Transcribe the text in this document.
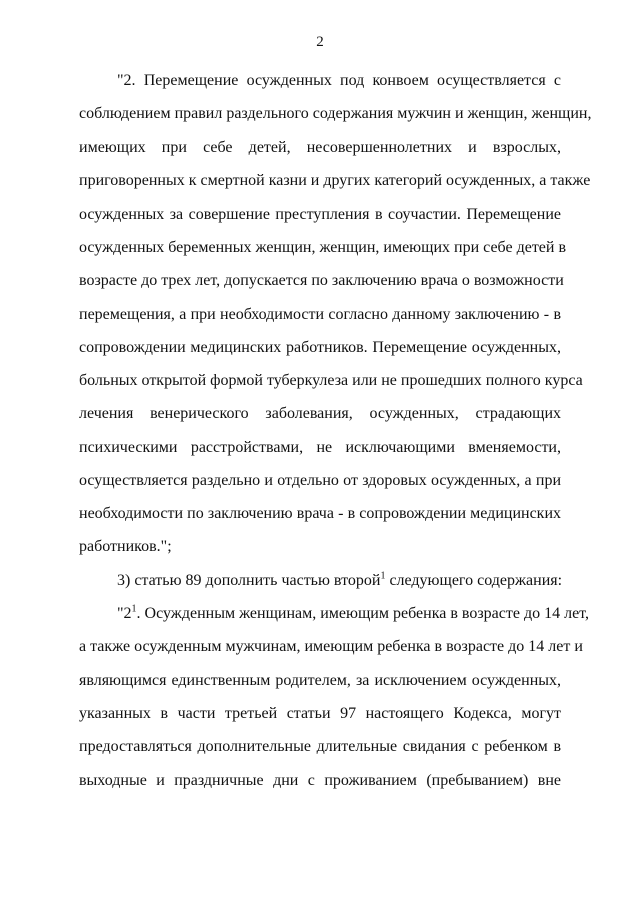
2
"2. Перемещение осужденных под конвоем осуществляется с
соблюдением правил раздельного содержания мужчин и женщин, женщин,
имеющих при себе детей, несовершеннолетних и взрослых,
приговоренных к смертной казни и других категорий осужденных, а также
осужденных за совершение преступления в соучастии. Перемещение
осужденных беременных женщин, женщин, имеющих при себе детей в
возрасте до трех лет, допускается по заключению врача о возможности
перемещения, а при необходимости согласно данному заключению - в
сопровождении медицинских работников. Перемещение осужденных,
больных открытой формой туберкулеза или не прошедших полного курса
лечения венерического заболевания, осужденных, страдающих
психическими расстройствами, не исключающими вменяемости,
осуществляется раздельно и отдельно от здоровых осужденных, а при
необходимости по заключению врача - в сопровождении медицинских
работников.";
3) статью 89 дополнить частью второй$^1$ следующего содержания:
"$2^1$. Осужденным женщинам, имеющим ребенка в возрасте до 14 лет,
а также осужденным мужчинам, имеющим ребенка в возрасте до 14 лет и
являющимся единственным родителем, за исключением осужденных,
указанных в части третьей статьи 97 настоящего Кодекса, могут
предоставляться дополнительные длительные свидания с ребенком в
выходные и праздничные дни с проживанием (пребыванием) вне
